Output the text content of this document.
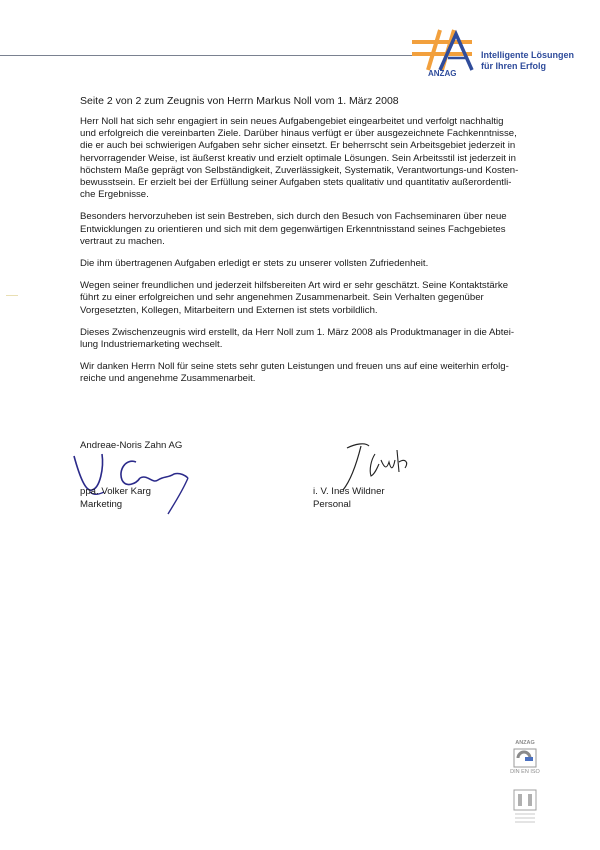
ANZAG
Intelligente Lösungen
für Ihren Erfolg
Seite 2 von 2 zum Zeugnis von Herrn Markus Noll vom 1. März 2008

Herr Noll hat sich sehr engagiert in sein neues Aufgabengebiet eingearbeitet und verfolgt nachhaltig
und erfolgreich die vereinbarten Ziele. Darüber hinaus verfügt er über ausgezeichnete Fachkenntnisse,
die er auch bei schwierigen Aufgaben sehr sicher einsetzt. Er beherrscht sein Arbeitsgebiet jederzeit in
hervorragender Weise, ist äußerst kreativ und erzielt optimale Lösungen. Sein Arbeitsstil ist jederzeit in
höchstem Maße geprägt von Selbständigkeit, Zuverlässigkeit, Systematik, Verantwortungs-und Kosten-
bewusstsein. Er erzielt bei der Erfüllung seiner Aufgaben stets qualitativ und quantitativ außerordentli-
che Ergebnisse.

Besonders hervorzuheben ist sein Bestreben, sich durch den Besuch von Fachseminaren über neue
Entwicklungen zu orientieren und sich mit dem gegenwärtigen Erkenntnisstand seines Fachgebietes
vertraut zu machen.

Die ihm übertragenen Aufgaben erledigt er stets zu unserer vollsten Zufriedenheit.

Wegen seiner freundlichen und jederzeit hilfsbereiten Art wird er sehr geschätzt. Seine Kontaktstärke
führt zu einer erfolgreichen und sehr angenehmen Zusammenarbeit. Sein Verhalten gegenüber
Vorgesetzten, Kollegen, Mitarbeitern und Externen ist stets vorbildlich.

Dieses Zwischenzeugnis wird erstellt, da Herr Noll zum 1. März 2008 als Produktmanager in die Abtei-
lung Industriemarketing wechselt.

Wir danken Herrn Noll für seine stets sehr guten Leistungen und freuen uns auf eine weiterhin erfolg-
reiche und angenehme Zusammenarbeit.

Andreae-Noris Zahn AG
ppa. Volker Karg
Marketing
i. V. Ines Wildner
Personal
ANZAG
DIN EN ISO
